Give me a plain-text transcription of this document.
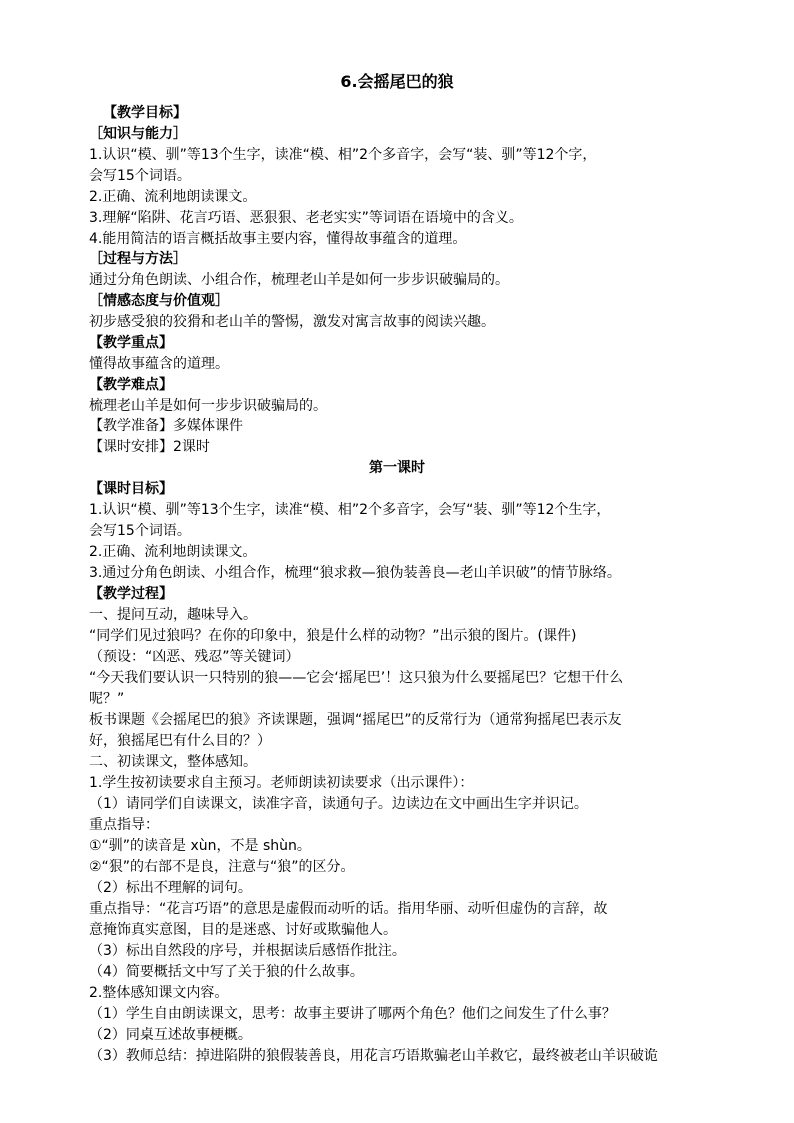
6.会摇尾巴的狼
【教学目标】
［知识与能力］
1.认识“模、驯”等13个生字，读准“模、相”2个多音字，会写“装、驯”等12个字，
会写15个词语。
2.正确、流利地朗读课文。
3.理解“陷阱、花言巧语、恶狠狠、老老实实”等词语在语境中的含义。
4.能用简洁的语言概括故事主要内容，懂得故事蕴含的道理。
［过程与方法］
通过分角色朗读、小组合作，梳理老山羊是如何一步步识破骗局的。
［情感态度与价值观］
初步感受狼的狡猾和老山羊的警惕，激发对寓言故事的阅读兴趣。
【教学重点】
懂得故事蕴含的道理。
【教学难点】
梳理老山羊是如何一步步识破骗局的。
【教学准备】多媒体课件
【课时安排】2课时
第一课时
【课时目标】
1.认识“模、驯”等13个生字，读准“模、相”2个多音字，会写“装、驯”等12个生字，
会写15个词语。
2.正确、流利地朗读课文。
3.通过分角色朗读、小组合作，梳理“狼求救—狼伪装善良—老山羊识破”的情节脉络。
【教学过程】
一、提问互动，趣味导入。
“同学们见过狼吗？在你的印象中，狼是什么样的动物？”出示狼的图片。(课件)
（预设：“凶恶、残忍”等关键词）
“今天我们要认识一只特别的狼——它会‘摇尾巴’！这只狼为什么要摇尾巴？它想干什么
呢？”
板书课题《会摇尾巴的狼》齐读课题，强调“摇尾巴”的反常行为（通常狗摇尾巴表示友
好，狼摇尾巴有什么目的？）
二、初读课文，整体感知。
1.学生按初读要求自主预习。老师朗读初读要求（出示课件）：
（1）请同学们自读课文，读准字音，读通句子。边读边在文中画出生字并识记。
重点指导：
①“驯”的读音是 xùn，不是 shùn。
②“狠”的右部不是良，注意与“狼”的区分。
（2）标出不理解的词句。
重点指导：“花言巧语”的意思是虚假而动听的话。指用华丽、动听但虚伪的言辞，故
意掩饰真实意图，目的是迷惑、讨好或欺骗他人。
（3）标出自然段的序号，并根据读后感悟作批注。
（4）简要概括文中写了关于狼的什么故事。
2.整体感知课文内容。
（1）学生自由朗读课文，思考：故事主要讲了哪两个角色？他们之间发生了什么事？
（2）同桌互述故事梗概。
（3）教师总结：掉进陷阱的狼假装善良，用花言巧语欺骗老山羊救它，最终被老山羊识破诡
